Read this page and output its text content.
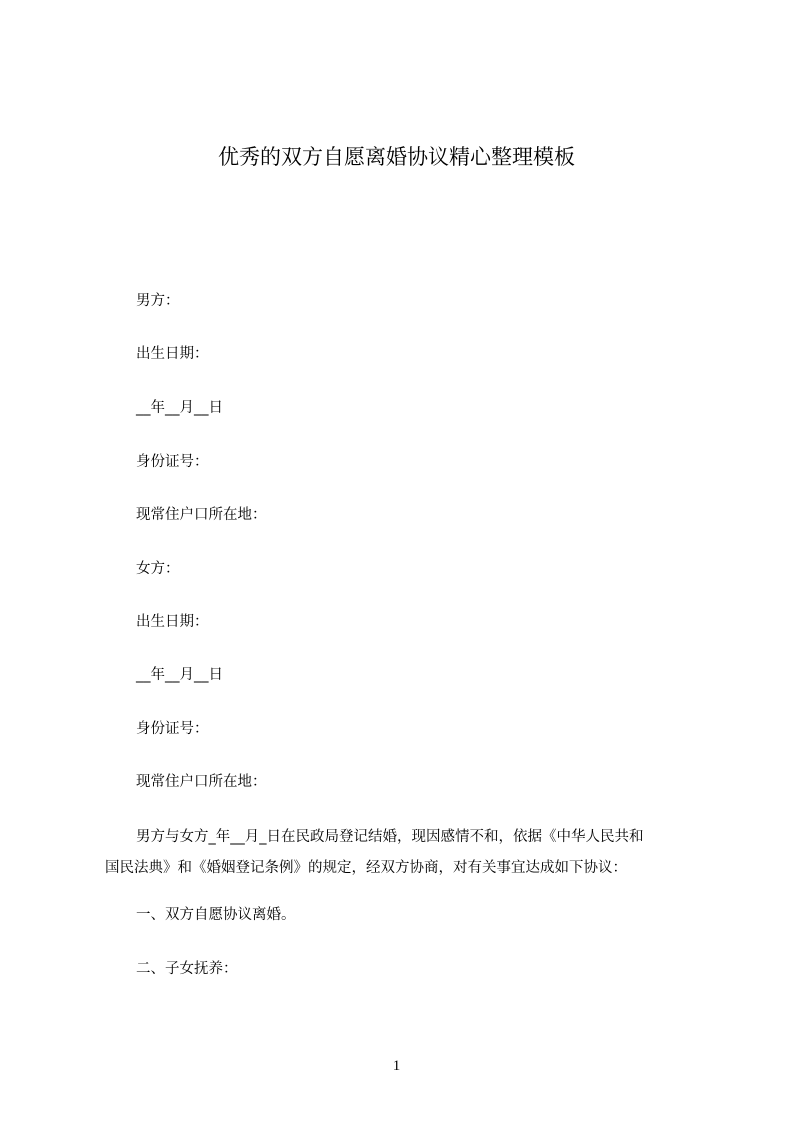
优秀的双方自愿离婚协议精心整理模板

男方：

出生日期：

__年__月__日

身份证号：

现常住户口所在地：

女方：

出生日期：

__年__月__日

身份证号：

现常住户口所在地：

男方与女方_年__月_日在民政局登记结婚，现因感情不和，依据《中华人民共和
国民法典》和《婚姻登记条例》的规定，经双方协商，对有关事宜达成如下协议：

一、双方自愿协议离婚。

二、子女抚养：

1
